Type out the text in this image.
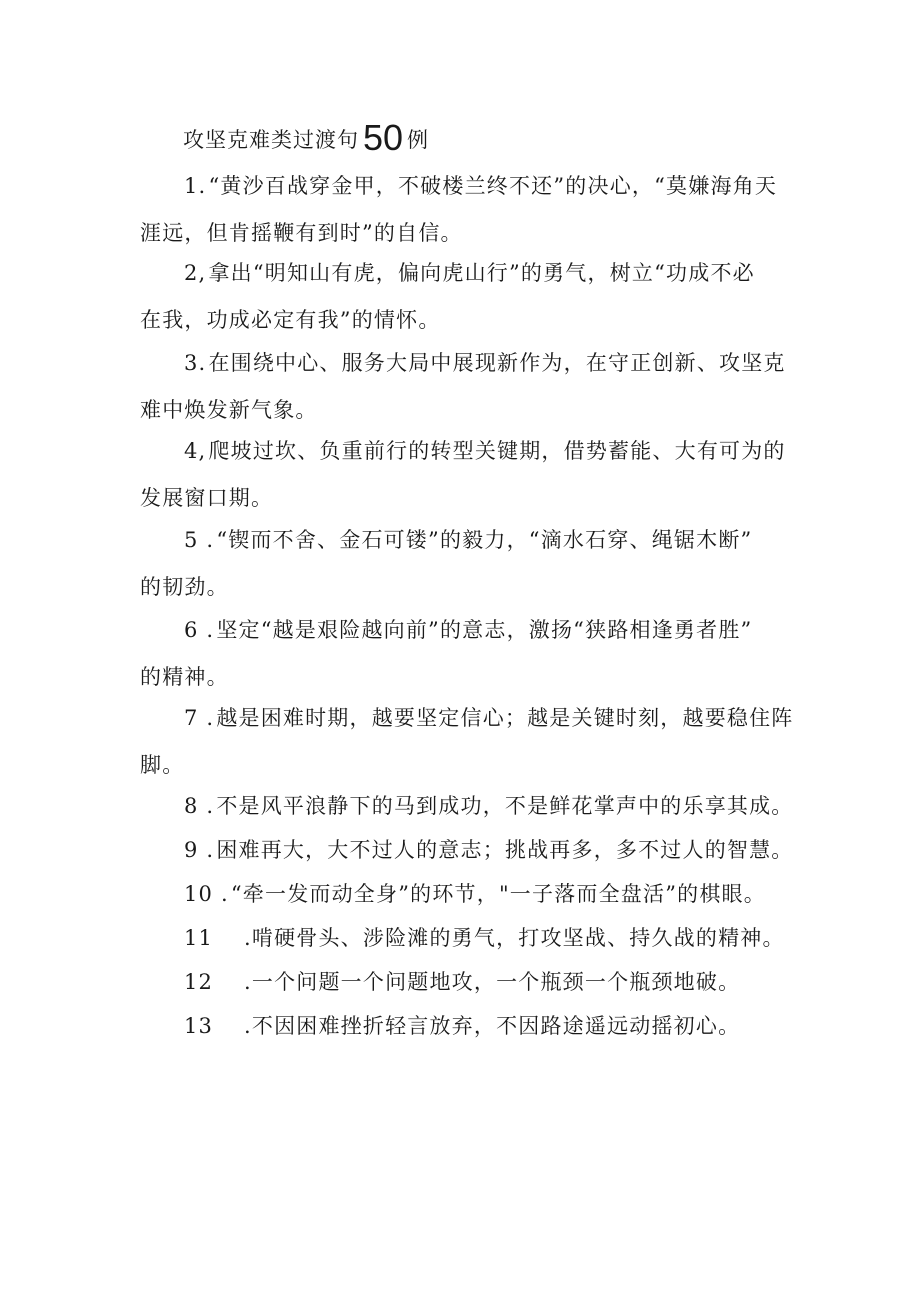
攻坚克难类过渡句 50 例
1.“黄沙百战穿金甲，不破楼兰终不还”的决心，“莫嫌海角天
涯远，但肯摇鞭有到时”的自信。
2,拿出“明知山有虎，偏向虎山行”的勇气，树立“功成不必
在我，功成必定有我”的情怀。
3.在围绕中心、服务大局中展现新作为，在守正创新、攻坚克
难中焕发新气象。
4,爬坡过坎、负重前行的转型关键期，借势蓄能、大有可为的
发展窗口期。
5 .“锲而不舍、金石可镂”的毅力，“滴水石穿、绳锯木断”
的韧劲。
6 .坚定“越是艰险越向前”的意志，激扬“狭路相逢勇者胜”
的精神。
7 .越是困难时期，越要坚定信心；越是关键时刻，越要稳住阵
脚。
8 .不是风平浪静下的马到成功，不是鲜花掌声中的乐享其成。
9 .困难再大，大不过人的意志；挑战再多，多不过人的智慧。
10 .“牵一发而动全身”的环节，"一子落而全盘活”的棋眼。
11 .啃硬骨头、涉险滩的勇气，打攻坚战、持久战的精神。
12 .一个问题一个问题地攻，一个瓶颈一个瓶颈地破。
13 .不因困难挫折轻言放弃，不因路途遥远动摇初心。
